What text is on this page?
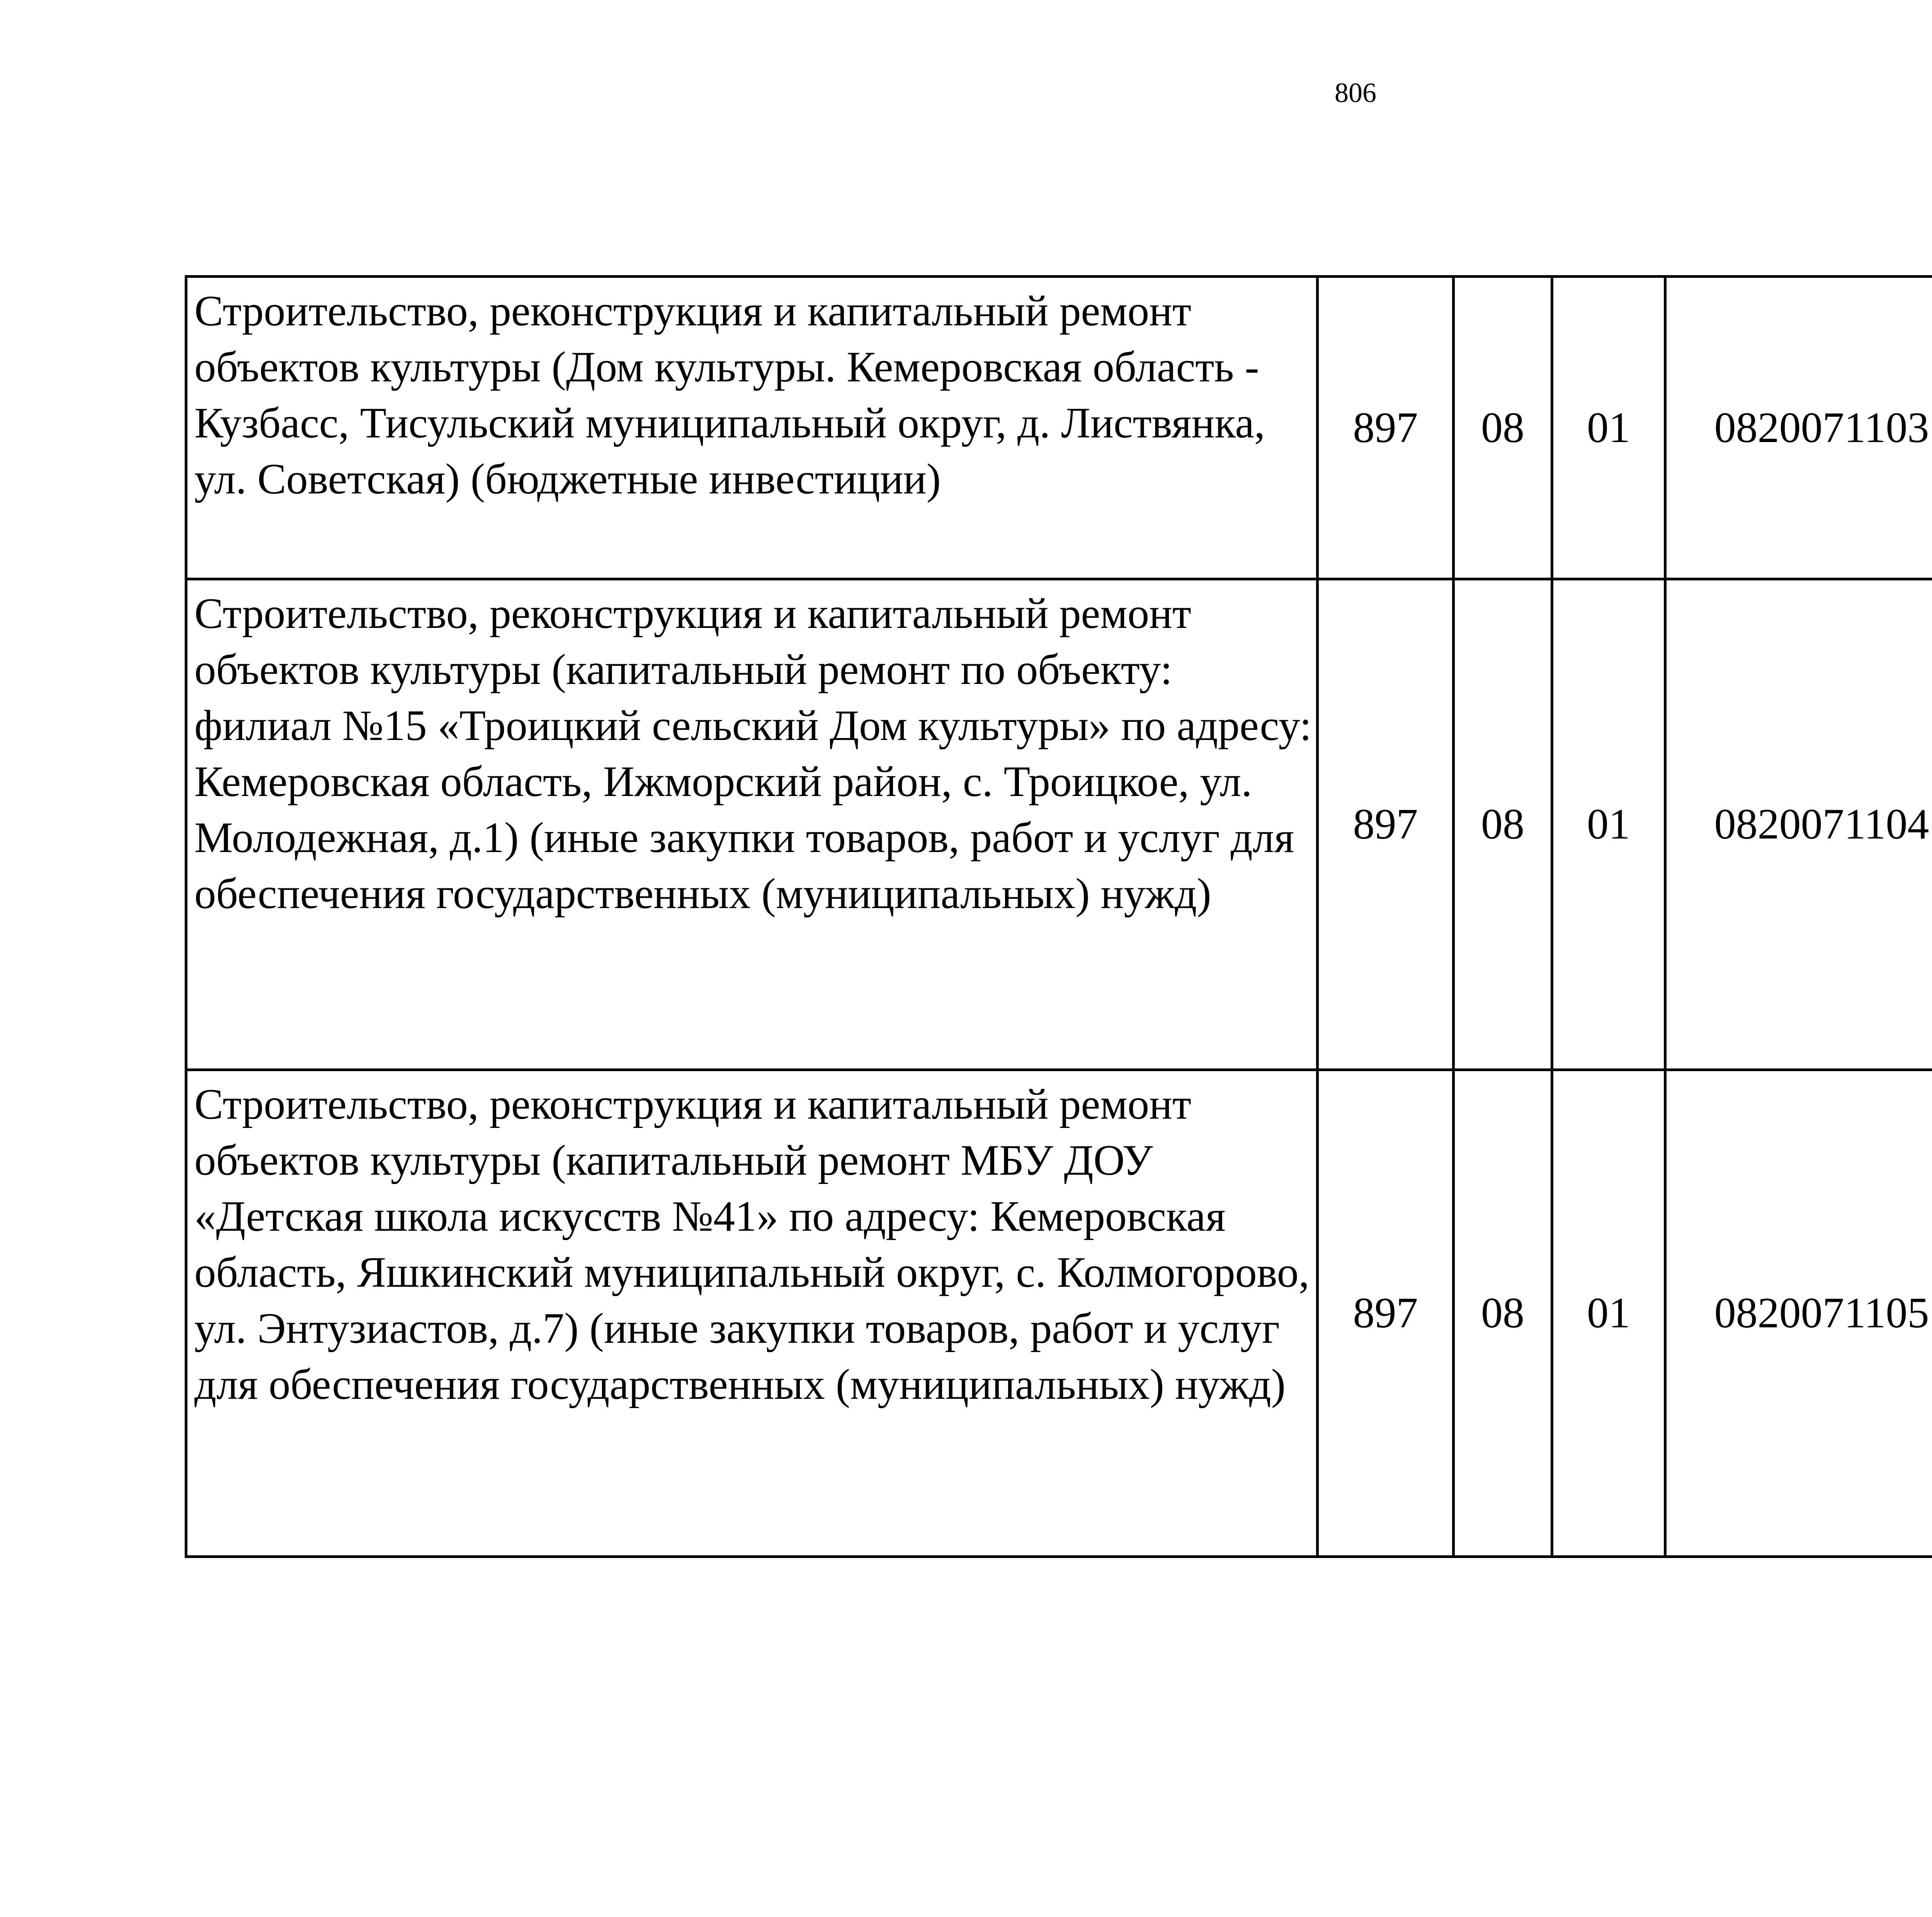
806
Строительство, реконструкция и капитальный ремонт объектов культуры (Дом культуры. Кемеровская область - Кузбасс, Тисульский муниципальный округ, д. Листвянка, ул. Советская) (бюджетные инвестиции)	897	08	01	0820071103		
Строительство, реконструкция и капитальный ремонт объектов культуры (капитальный ремонт по объекту: филиал №15 «Троицкий сельский Дом культуры» по адресу: Кемеровская область, Ижморский район, с. Троицкое, ул. Молодежная, д.1) (иные закупки товаров, работ и услуг для обеспечения государственных (муниципальных) нужд)	897	08	01	0820071104		
Строительство, реконструкция и капитальный ремонт объектов культуры (капитальный ремонт МБУ ДОУ «Детская школа искусств №41» по адресу: Кемеровская область, Яшкинский муниципальный округ, с. Колмогорово, ул. Энтузиастов, д.7) (иные закупки товаров, работ и услуг для обеспечения государственных (муниципальных) нужд)	897	08	01	0820071105		
